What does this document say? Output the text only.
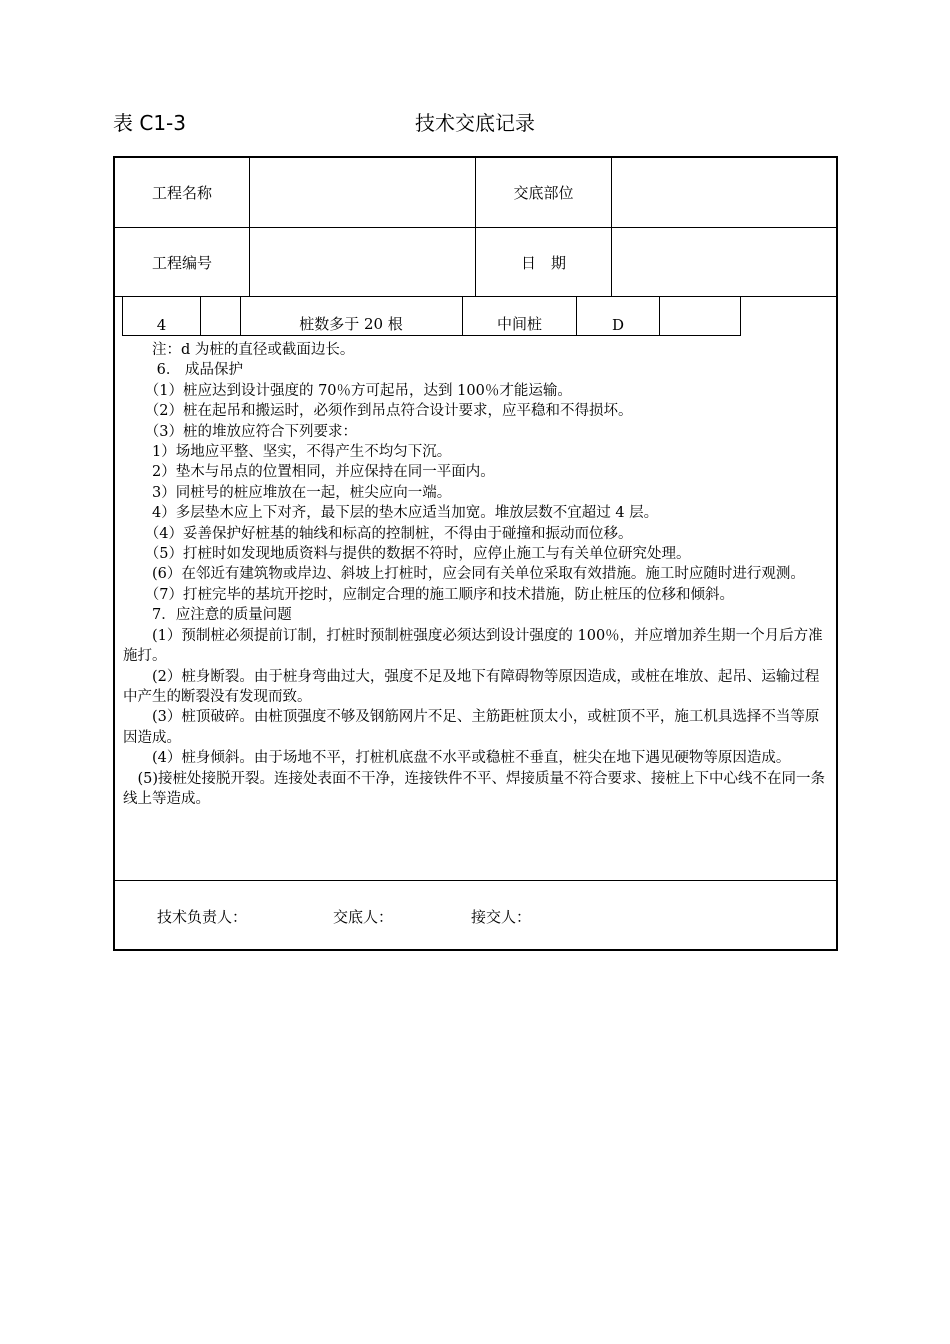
表 C1-3	技术交底记录
工程名称	交底部位
工程编号	日　期
4	桩数多于 20 根	中间桩	D

　　注：d 为桩的直径或截面边长。

　　 6． 成品保护

　　（1）桩应达到设计强度的 70％方可起吊，达到 100％才能运输。

　　（2）桩在起吊和搬运时，必须作到吊点符合设计要求，应平稳和不得损坏。

　　（3）桩的堆放应符合下列要求：

　　1）场地应平整、坚实，不得产生不均匀下沉。

　　2）垫木与吊点的位置相同，并应保持在同一平面内。

　　3）同桩号的桩应堆放在一起，桩尖应向一端。

　　4）多层垫木应上下对齐，最下层的垫木应适当加宽。堆放层数不宜超过 4 层。

　　（4）妥善保护好桩基的轴线和标高的控制桩，不得由于碰撞和振动而位移。

　　（5）打桩时如发现地质资料与提供的数据不符时，应停止施工与有关单位研究处理。

　　(6）在邻近有建筑物或岸边、斜坡上打桩时，应会同有关单位采取有效措施。施工时应随时进行观测。

　　（7）打桩完毕的基坑开挖时，应制定合理的施工顺序和技术措施，防止桩压的位移和倾斜。

　　7．应注意的质量问题

　　(1）预制桩必须提前订制，打桩时预制桩强度必须达到设计强度的 100％，并应增加养生期一个月后方准施打。

　　(2）桩身断裂。由于桩身弯曲过大，强度不足及地下有障碍物等原因造成，或桩在堆放、起吊、运输过程中产生的断裂没有发现而致。

　　(3）桩顶破碎。由桩顶强度不够及钢筋网片不足、主筋距桩顶太小，或桩顶不平，施工机具选择不当等原因造成。

　　(4）桩身倾斜。由于场地不平，打桩机底盘不水平或稳桩不垂直，桩尖在地下遇见硬物等原因造成。

　(5)接桩处接脱开裂。连接处表面不干净，连接铁件不平、焊接质量不符合要求、接桩上下中心线不在同一条线上等造成。

技术负责人：	交底人：	接交人：
